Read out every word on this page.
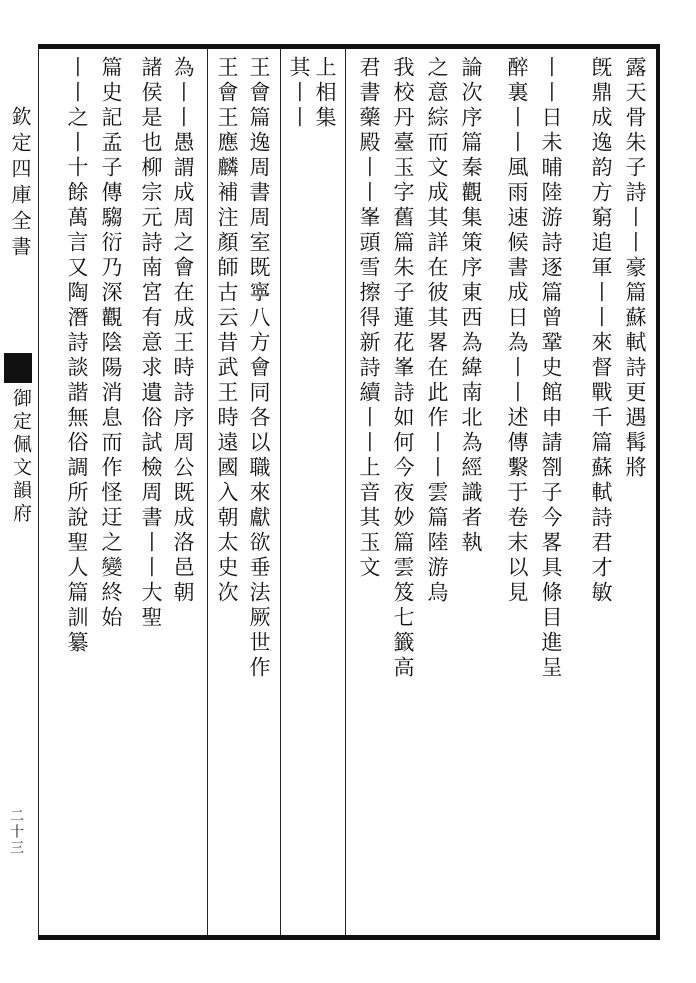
欽定四庫全書
御定佩文韻府
二十三
露天骨朱子詩丨丨豪篇蘇軾詩更遇髯將
旣鼎成逸韵方窮追軍丨丨來督戰千篇蘇軾詩君才敏
丨丨日未晡陸游詩逐篇曾鞏史館申請劄子今畧具條目進呈
醉裏丨丨風雨速候書成日為丨丨述傳繫于卷末以見
論次序篇秦觀集策序東西為緯南北為經識者執
之意綜而文成其詳在彼其畧在此作丨丨雲篇陸游烏
我校丹臺玉字舊篇朱子蓮花峯詩如何今夜妙篇雲笈七籤高
君書藥殿丨丨峯頭雪擦得新詩續丨丨上音其玉文
上相集
其丨丨
王會篇逸周書周室既寧八方會同各以職來獻欲垂法厥世作
王會王應麟補注顏師古云昔武王時遠國入朝太史次
為丨丨愚謂成周之會在成王時詩序周公既成洛邑朝
諸侯是也柳宗元詩南宮有意求遺俗試檢周書丨丨大聖
篇史記孟子傳騶衍乃深觀陰陽消息而作怪迂之變終始
丨丨之丨十餘萬言又陶潛詩談諧無俗調所說聖人篇訓纂
